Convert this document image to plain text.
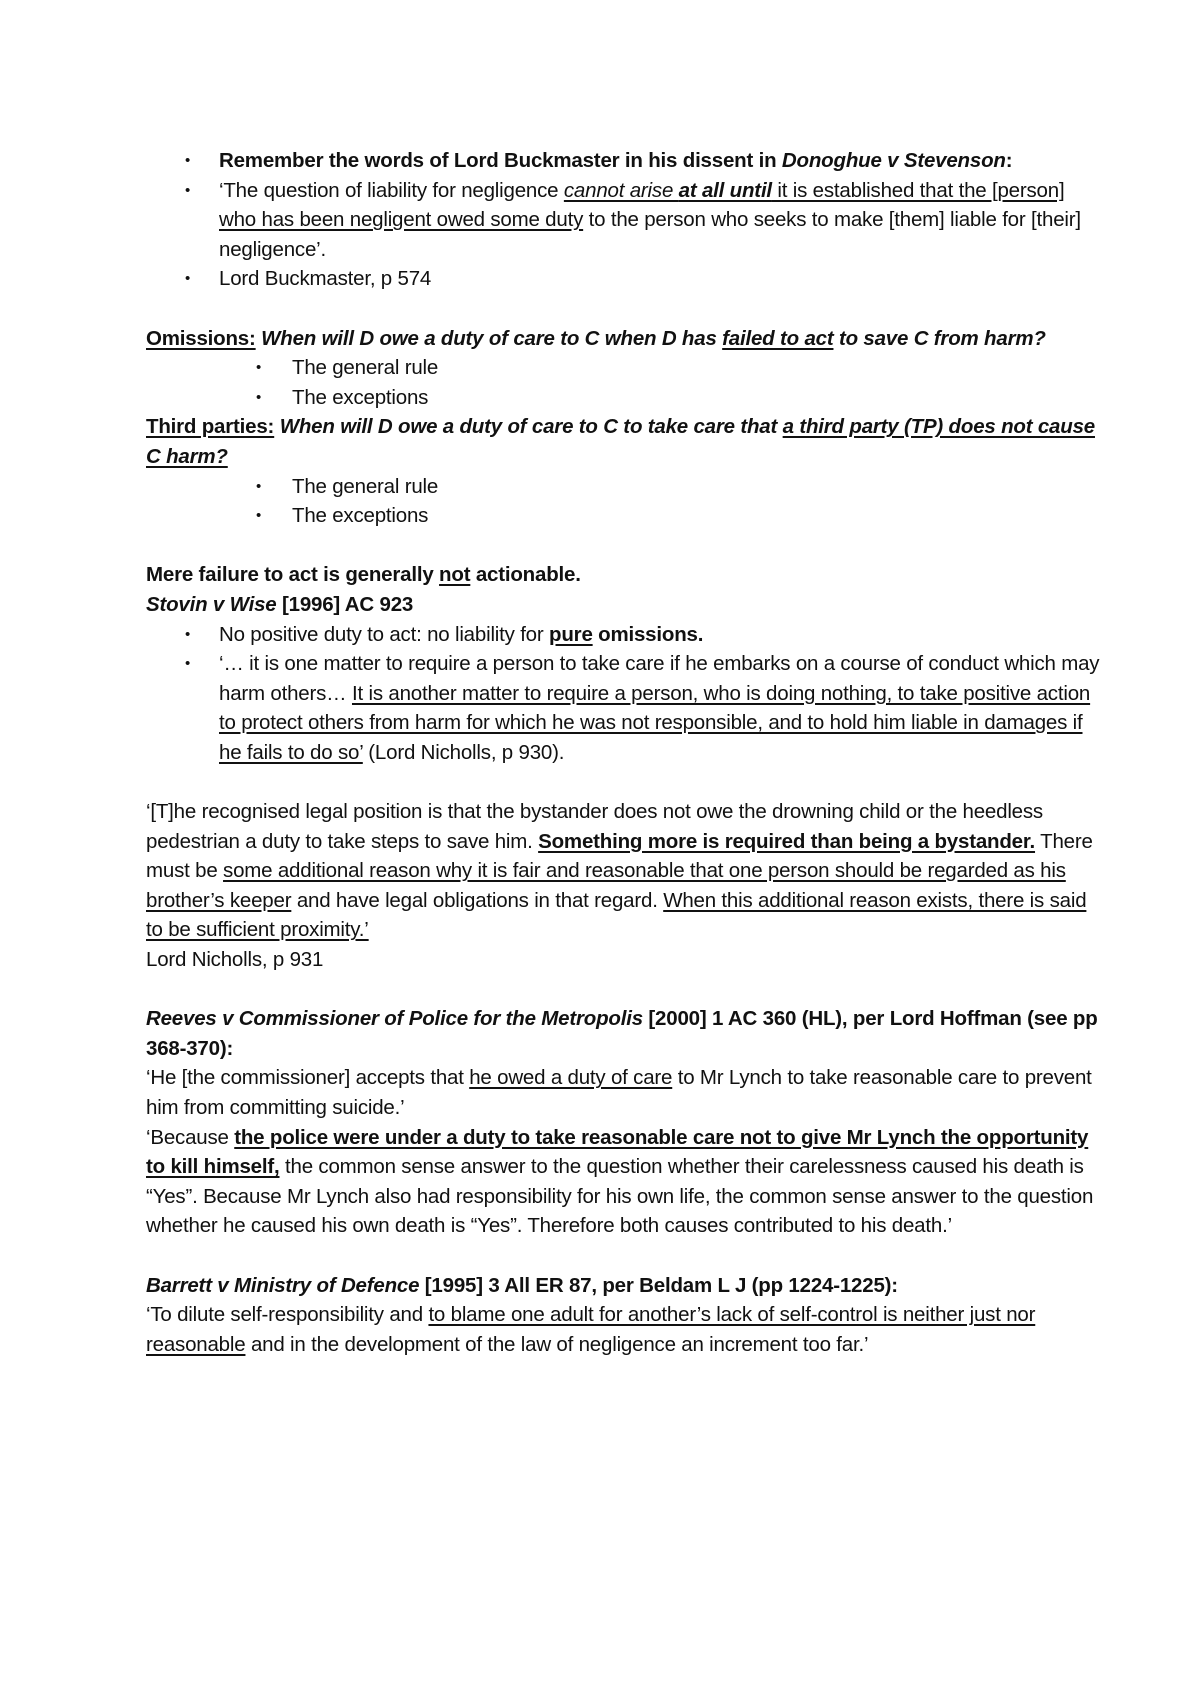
• Remember the words of Lord Buckmaster in his dissent in Donoghue v Stevenson:
• ‘The question of liability for negligence cannot arise at all until it is established that the [person] who has been negligent owed some duty to the person who seeks to make [them] liable for [their] negligence’.
• Lord Buckmaster, p 574

Omissions: When will D owe a duty of care to C when D has failed to act to save C from harm?

• The general rule
• The exceptions

Third parties: When will D owe a duty of care to C to take care that a third party (TP) does not cause C harm?

• The general rule
• The exceptions

Mere failure to act is generally not actionable.

Stovin v Wise [1996] AC 923

• No positive duty to act: no liability for pure omissions.
• ‘… it is one matter to require a person to take care if he embarks on a course of conduct which may harm others… It is another matter to require a person, who is doing nothing, to take positive action to protect others from harm for which he was not responsible, and to hold him liable in damages if he fails to do so’ (Lord Nicholls, p 930).

‘[T]he recognised legal position is that the bystander does not owe the drowning child or the heedless pedestrian a duty to take steps to save him. Something more is required than being a bystander. There must be some additional reason why it is fair and reasonable that one person should be regarded as his brother’s keeper and have legal obligations in that regard. When this additional reason exists, there is said to be sufficient proximity.’

Lord Nicholls, p 931

Reeves v Commissioner of Police for the Metropolis [2000] 1 AC 360 (HL), per Lord Hoffman (see pp 368-370):

‘He [the commissioner] accepts that he owed a duty of care to Mr Lynch to take reasonable care to prevent him from committing suicide.’

‘Because the police were under a duty to take reasonable care not to give Mr Lynch the opportunity to kill himself, the common sense answer to the question whether their carelessness caused his death is “Yes”. Because Mr Lynch also had responsibility for his own life, the common sense answer to the question whether he caused his own death is “Yes”. Therefore both causes contributed to his death.’

Barrett v Ministry of Defence [1995] 3 All ER 87, per Beldam L J (pp 1224-1225):

‘To dilute self-responsibility and to blame one adult for another’s lack of self-control is neither just nor reasonable and in the development of the law of negligence an increment too far.’
